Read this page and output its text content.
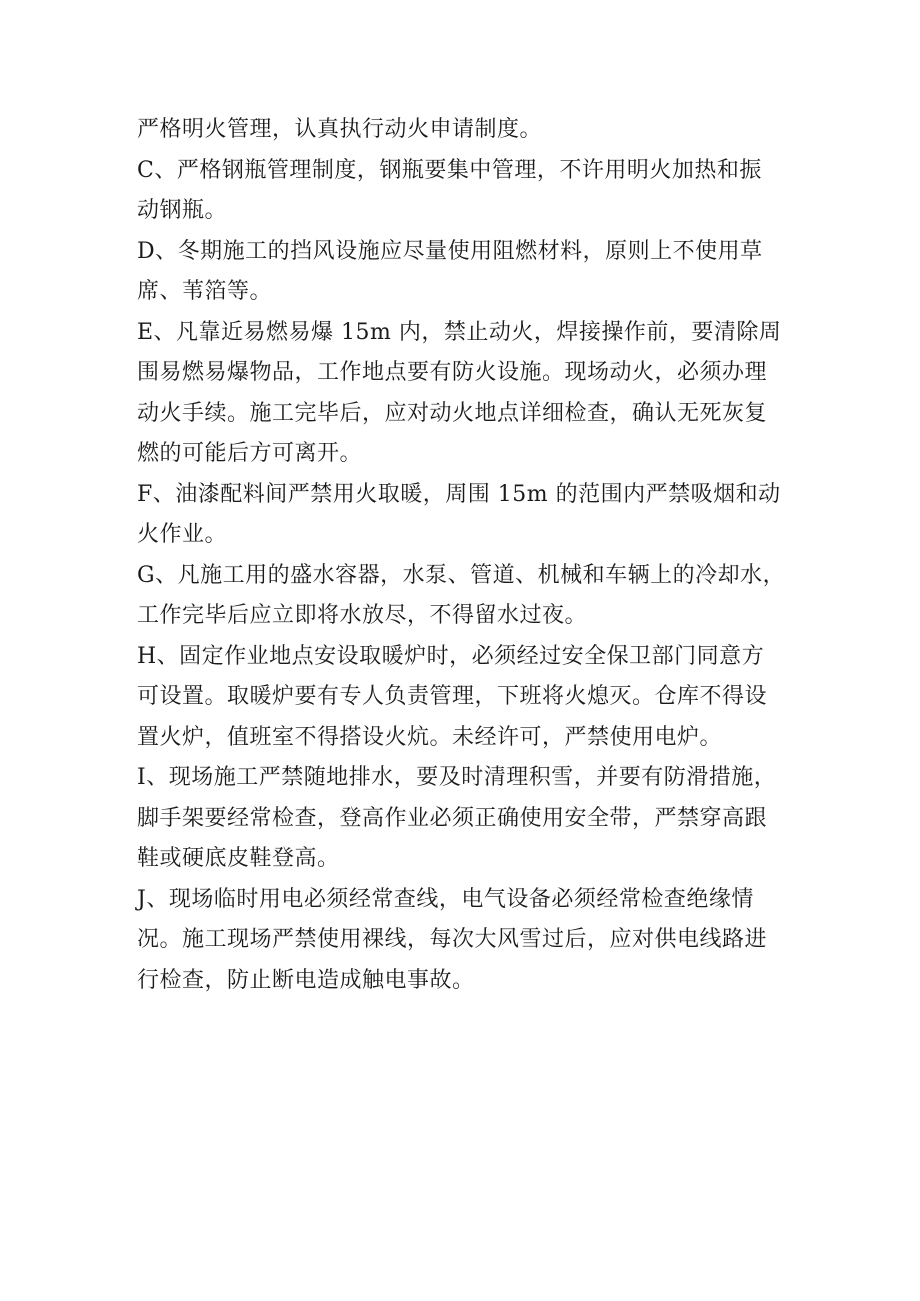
严格明火管理，认真执行动火申请制度。
C、严格钢瓶管理制度，钢瓶要集中管理，不许用明火加热和振
动钢瓶。
D、冬期施工的挡风设施应尽量使用阻燃材料，原则上不使用草
席、苇箔等。
E、凡靠近易燃易爆 15m 内，禁止动火，焊接操作前，要清除周
围易燃易爆物品，工作地点要有防火设施。现场动火，必须办理
动火手续。施工完毕后，应对动火地点详细检查，确认无死灰复
燃的可能后方可离开。
F、油漆配料间严禁用火取暖，周围 15m 的范围内严禁吸烟和动
火作业。
G、凡施工用的盛水容器，水泵、管道、机械和车辆上的冷却水，
工作完毕后应立即将水放尽，不得留水过夜。
H、固定作业地点安设取暖炉时，必须经过安全保卫部门同意方
可设置。取暖炉要有专人负责管理，下班将火熄灭。仓库不得设
置火炉，值班室不得搭设火炕。未经许可，严禁使用电炉。
I、现场施工严禁随地排水，要及时清理积雪，并要有防滑措施，
脚手架要经常检查，登高作业必须正确使用安全带，严禁穿高跟
鞋或硬底皮鞋登高。
J、现场临时用电必须经常查线，电气设备必须经常检查绝缘情
况。施工现场严禁使用裸线，每次大风雪过后，应对供电线路进
行检查，防止断电造成触电事故。
